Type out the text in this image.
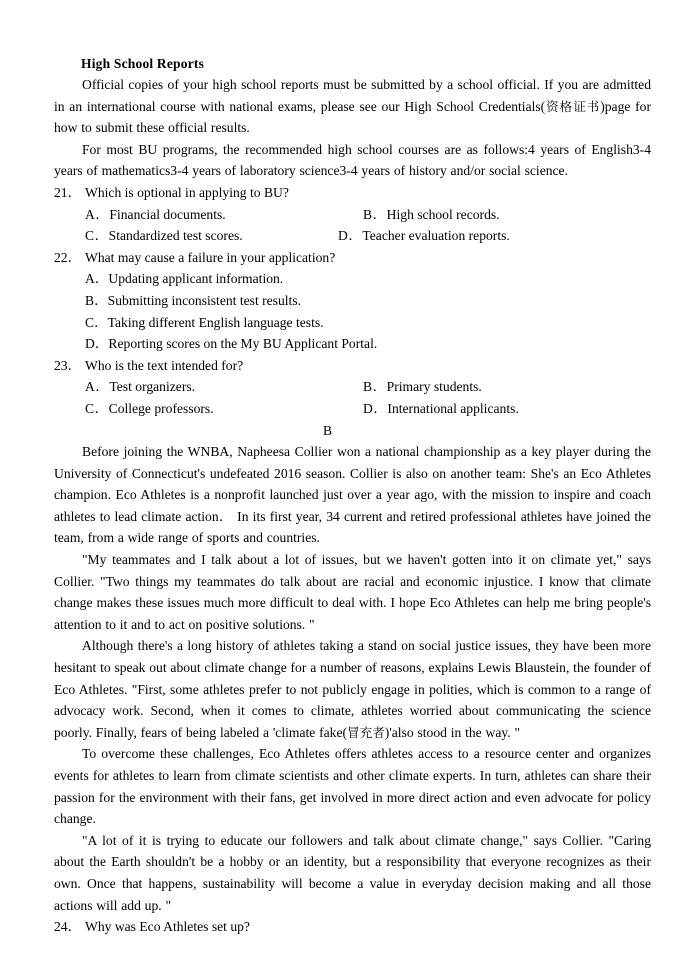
High School Reports

Official copies of your high school reports must be submitted by a school official. If you are admitted in an international course with national exams, please see our High School Credentials(资格证书)page for how to submit these official results.

For most BU programs, the recommended high school courses are as follows:4 years of English3-4 years of mathematics3-4 years of laboratory science3-4 years of history and/or social science.

21． Which is optional in applying to BU?
A．Financial documents.	B．High school records.
C．Standardized test scores.	D．Teacher evaluation reports.
22． What may cause a failure in your application?
A．Updating applicant information.
B．Submitting inconsistent test results.
C．Taking different English language tests.
D．Reporting scores on the My BU Applicant Portal.
23． Who is the text intended for?
A．Test organizers.	B．Primary students.
C．College professors.	D．International applicants.
B

Before joining the WNBA, Napheesa Collier won a national championship as a key player during the University of Connecticut's undefeated 2016 season. Collier is also on another team: She's an Eco Athletes champion. Eco Athletes is a nonprofit launched just over a year ago, with the mission to inspire and coach athletes to lead climate action． In its first year, 34 current and retired professional athletes have joined the team, from a wide range of sports and countries.

"My teammates and I talk about a lot of issues, but we haven't gotten into it on climate yet," says Collier. "Two things my teammates do talk about are racial and economic injustice. I know that climate change makes these issues much more difficult to deal with. I hope Eco Athletes can help me bring people's attention to it and to act on positive solutions. "

Although there's a long history of athletes taking a stand on social justice issues, they have been more hesitant to speak out about climate change for a number of reasons, explains Lewis Blaustein, the founder of Eco Athletes. "First, some athletes prefer to not publicly engage in polities, which is common to a range of advocacy work. Second, when it comes to climate, athletes worried about communicating the science poorly. Finally, fears of being labeled a 'climate fake(冒充者)'also stood in the way. "

To overcome these challenges, Eco Athletes offers athletes access to a resource center and organizes events for athletes to learn from climate scientists and other climate experts. In turn, athletes can share their passion for the environment with their fans, get involved in more direct action and even advocate for policy change.

"A lot of it is trying to educate our followers and talk about climate change," says Collier. "Caring about the Earth shouldn't be a hobby or an identity, but a responsibility that everyone recognizes as their own. Once that happens, sustainability will become a value in everyday decision making and all those actions will add up. "

24． Why was Eco Athletes set up?
